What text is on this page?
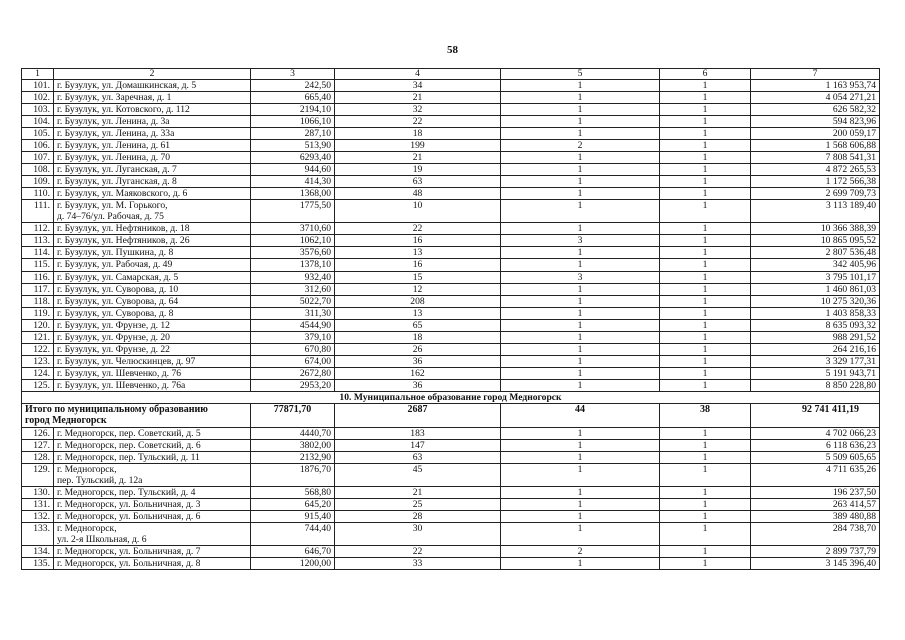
58
1	2	3	4	5	6	7
101.	г. Бузулук, ул. Домашкинская, д. 5	242,50	34	1	1	1 163 953,74
102.	г. Бузулук, ул. Заречная, д. 1	665,40	21	1	1	4 054 271,21
103.	г. Бузулук, ул. Котовского, д. 112	2194,10	32	1	1	626 582,32
104.	г. Бузулук, ул. Ленина, д. 3а	1066,10	22	1	1	594 823,96
105.	г. Бузулук, ул. Ленина, д. 33а	287,10	18	1	1	200 059,17
106.	г. Бузулук, ул. Ленина, д. 61	513,90	199	2	1	1 568 606,88
107.	г. Бузулук, ул. Ленина, д. 70	6293,40	21	1	1	7 808 541,31
108.	г. Бузулук, ул. Луганская, д. 7	944,60	19	1	1	4 872 265,53
109.	г. Бузулук, ул. Луганская, д. 8	414,30	63	1	1	1 172 566,38
110.	г. Бузулук, ул. Маяковского, д. 6	1368,00	48	1	1	2 699 709,73
111.	г. Бузулук, ул. М. Горького,
д. 74–76/ул. Рабочая, д. 75	1775,50	10	1	1	3 113 189,40
112.	г. Бузулук, ул. Нефтяников, д. 18	3710,60	22	1	1	10 366 388,39
113.	г. Бузулук, ул. Нефтяников, д. 26	1062,10	16	3	1	10 865 095,52
114.	г. Бузулук, ул. Пушкина, д. 8	3576,60	13	1	1	2 807 536,48
115.	г. Бузулук, ул. Рабочая, д. 49	1378,10	16	1	1	342 405,96
116.	г. Бузулук, ул. Самарская, д. 5	932,40	15	3	1	3 795 101,17
117.	г. Бузулук, ул. Суворова, д. 10	312,60	12	1	1	1 460 861,03
118.	г. Бузулук, ул. Суворова, д. 64	5022,70	208	1	1	10 275 320,36
119.	г. Бузулук, ул. Суворова, д. 8	311,30	13	1	1	1 403 858,33
120.	г. Бузулук, ул. Фрунзе, д. 12	4544,90	65	1	1	8 635 093,32
121.	г. Бузулук, ул. Фрунзе, д. 20	379,10	18	1	1	988 291,52
122.	г. Бузулук, ул. Фрунзе, д. 22	670,80	26	1	1	264 216,16
123.	г. Бузулук, ул. Челюскинцев, д. 97	674,00	36	1	1	3 329 177,31
124.	г. Бузулук, ул. Шевченко, д. 76	2672,80	162	1	1	5 191 943,71
125.	г. Бузулук, ул. Шевченко, д. 76а	2953,20	36	1	1	8 850 228,80
10. Муниципальное образование город Медногорск						
Итого по муниципальному образованию
город Медногорск		77871,70	2687	44	38	92 741 411,19
126.	г. Медногорск, пер. Советский, д. 5	4440,70	183	1	1	4 702 066,23
127.	г. Медногорск, пер. Советский, д. 6	3802,00	147	1	1	6 118 636,23
128.	г. Медногорск, пер. Тульский, д. 11	2132,90	63	1	1	5 509 605,65
129.	г. Медногорск,
пер. Тульский, д. 12а	1876,70	45	1	1	4 711 635,26
130.	г. Медногорск, пер. Тульский, д. 4	568,80	21	1	1	196 237,50
131.	г. Медногорск, ул. Больничная, д. 3	645,20	25	1	1	263 414,57
132.	г. Медногорск, ул. Больничная, д. 6	915,40	28	1	1	389 480,88
133.	г. Медногорск,
ул. 2-я Школьная, д. 6	744,40	30	1	1	284 738,70
134.	г. Медногорск, ул. Больничная, д. 7	646,70	22	2	1	2 899 737,79
135.	г. Медногорск, ул. Больничная, д. 8	1200,00	33	1	1	3 145 396,40
